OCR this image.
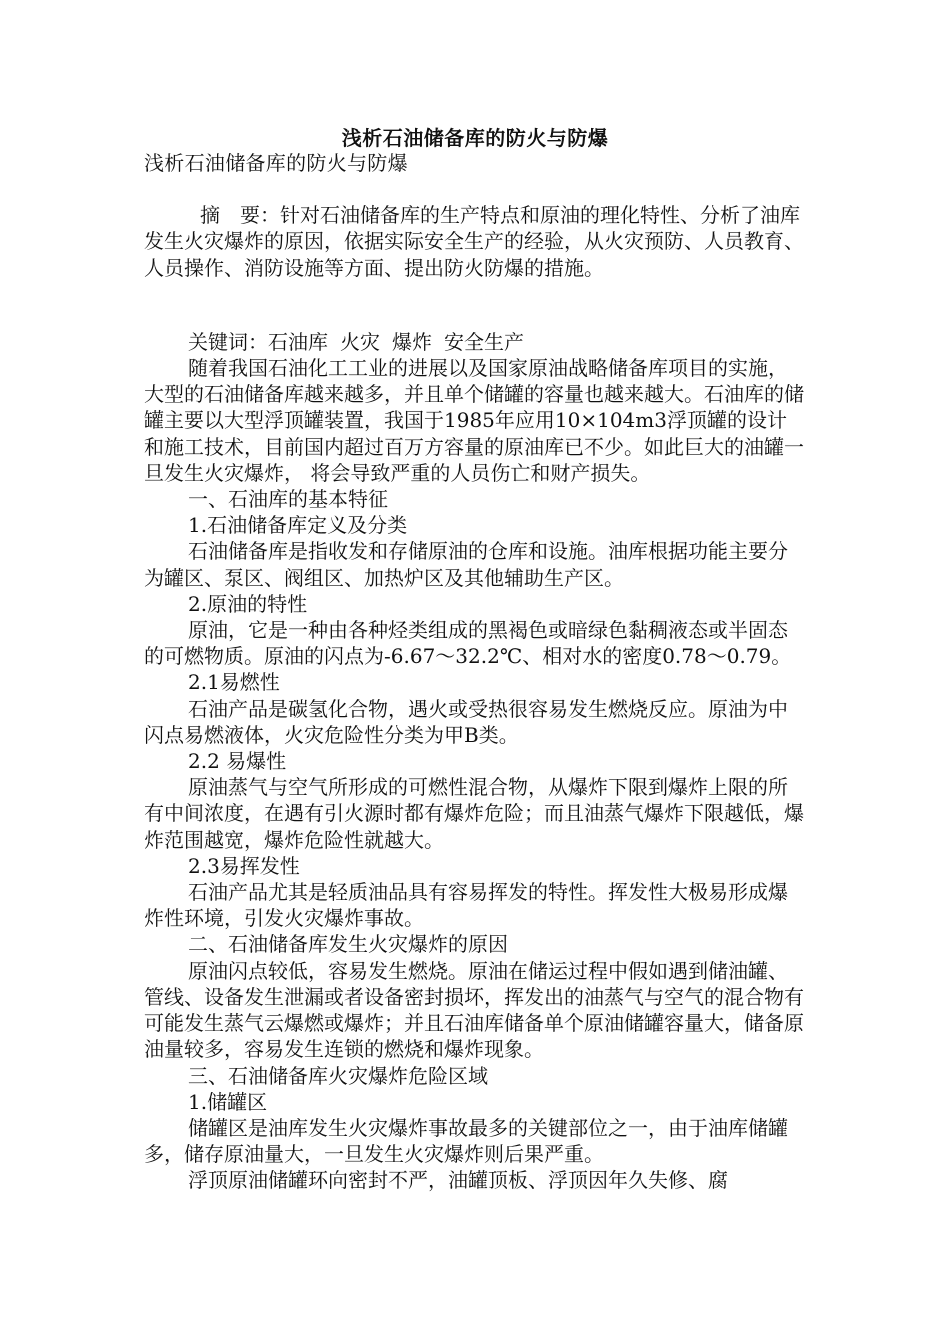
浅析石油储备库的防火与防爆

浅析石油储备库的防火与防爆

摘　要：针对石油储备库的生产特点和原油的理化特性、分析了油库发生火灾爆炸的原因，依据实际安全生产的经验，从火灾预防、人员教育、人员操作、消防设施等方面、提出防火防爆的措施。

关键词：石油库 火灾 爆炸 安全生产

随着我国石油化工工业的进展以及国家原油战略储备库项目的实施，大型的石油储备库越来越多，并且单个储罐的容量也越来越大。石油库的储罐主要以大型浮顶罐装置，我国于1985年应用10×104m3浮顶罐的设计和施工技术，目前国内超过百万方容量的原油库已不少。如此巨大的油罐一旦发生火灾爆炸， 将会导致严重的人员伤亡和财产损失。

一、石油库的基本特征

1.石油储备库定义及分类

石油储备库是指收发和存储原油的仓库和设施。油库根据功能主要分为罐区、泵区、阀组区、加热炉区及其他辅助生产区。

2.原油的特性

原油，它是一种由各种烃类组成的黑褐色或暗绿色黏稠液态或半固态的可燃物质。原油的闪点为-6.67～32.2℃、相对水的密度0.78～0.79。

2.1易燃性

石油产品是碳氢化合物，遇火或受热很容易发生燃烧反应。原油为中闪点易燃液体，火灾危险性分类为甲B类。

2.2 易爆性

原油蒸气与空气所形成的可燃性混合物，从爆炸下限到爆炸上限的所有中间浓度，在遇有引火源时都有爆炸危险；而且油蒸气爆炸下限越低，爆炸范围越宽，爆炸危险性就越大。

2.3易挥发性

石油产品尤其是轻质油品具有容易挥发的特性。挥发性大极易形成爆炸性环境，引发火灾爆炸事故。

二、石油储备库发生火灾爆炸的原因

原油闪点较低，容易发生燃烧。原油在储运过程中假如遇到储油罐、管线、设备发生泄漏或者设备密封损坏，挥发出的油蒸气与空气的混合物有可能发生蒸气云爆燃或爆炸；并且石油库储备单个原油储罐容量大，储备原油量较多，容易发生连锁的燃烧和爆炸现象。

三、石油储备库火灾爆炸危险区域

1.储罐区

储罐区是油库发生火灾爆炸事故最多的关键部位之一，由于油库储罐多，储存原油量大，一旦发生火灾爆炸则后果严重。

浮顶原油储罐环向密封不严，油罐顶板、浮顶因年久失修、腐
